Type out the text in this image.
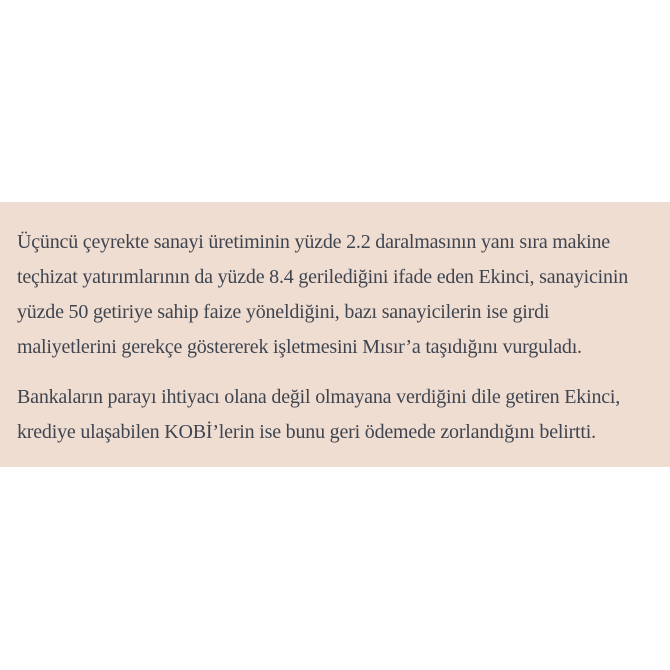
Üçüncü çeyrekte sanayi üretiminin yüzde 2.2 daralmasının yanı sıra makine
teçhizat yatırımlarının da yüzde 8.4 gerilediğini ifade eden Ekinci, sanayicinin
yüzde 50 getiriye sahip faize yöneldiğini, bazı sanayicilerin ise girdi
maliyetlerini gerekçe göstererek işletmesini Mısır’a taşıdığını vurguladı.
Bankaların parayı ihtiyacı olana değil olmayana verdiğini dile getiren Ekinci,
krediye ulaşabilen KOBİ’lerin ise bunu geri ödemede zorlandığını belirtti.
